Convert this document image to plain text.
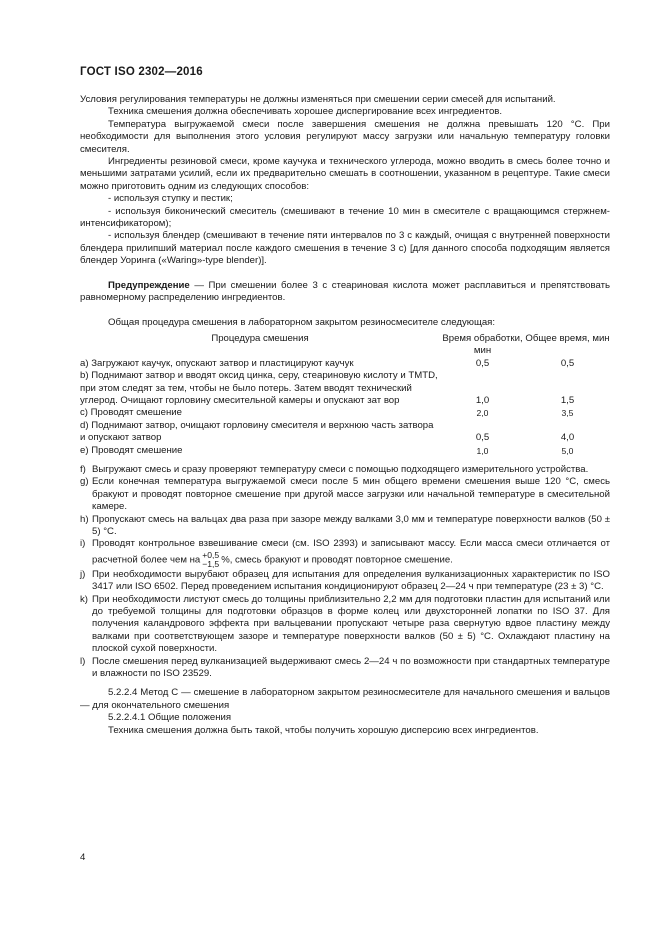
ГОСТ ISO 2302—2016

Условия регулирования температуры не должны изменяться при смешении серии смесей для испытаний.

Техника смешения должна обеспечивать хорошее диспергирование всех ингредиентов.

Температура выгружаемой смеси после завершения смешения не должна превышать 120 °С. При необходимости для выполнения этого условия регулируют массу загрузки или начальную температуру головки смесителя.

Ингредиенты резиновой смеси, кроме каучука и технического углерода, можно вводить в смесь более точно и меньшими затратами усилий, если их предварительно смешать в соотношении, указанном в рецептуре. Такие смеси можно приготовить одним из следующих способов:

- используя ступку и пестик;

- используя биконический смеситель (смешивают в течение 10 мин в смесителе с вращающимся стержнем-интенсификатором);

- используя блендер (смешивают в течение пяти интервалов по 3 с каждый, очищая с внутренней поверхности блендера прилипший материал после каждого смешения в течение 3 с) [для данного способа подходящим является блендер Уоринга («Waring»-type blender)].

Предупреждение — При смешении более 3 с стеариновая кислота может расплавиться и препятствовать равномерному распределению ингредиентов.

Общая процедура смешения в лабораторном закрытом резиносмесителе следующая:

Процедура смешения	Время обработки, мин	Общее время, мин
a) Загружают каучук, опускают затвор и пластицируют каучук	0,5	0,5
b) Поднимают затвор и вводят оксид цинка, серу, стеариновую кислоту и TMTD, при этом следят за тем, чтобы не было потерь. Затем вводят технический углерод. Очищают горловину смесительной камеры и опускают зат вор	1,0	1,5
c) Проводят смешение	2,0	3,5
d) Поднимают затвор, очищают горловину смесителя и верхнюю часть затвора и опускают затвор	0,5	4,0
e) Проводят смешение	1,0	5,0
f) Выгружают смесь и сразу проверяют температуру смеси с помощью подходящего измерительного устройства.
g) Если конечная температура выгружаемой смеси после 5 мин общего времени смешения выше 120 °С, смесь бракуют и проводят повторное смешение при другой массе загрузки или начальной температуре в смесительной камере.
h) Пропускают смесь на вальцах два раза при зазоре между валками 3,0 мм и температуре поверхности валков (50 ± 5) °С.
i) Проводят контрольное взвешивание смеси (см. ISO 2393) и записывают массу. Если масса смеси отличается от расчетной более чем на +0,5
−1,5 %, смесь бракуют и проводят повторное смешение.
j) При необходимости вырубают образец для испытания для определения вулканизационных характеристик по ISO 3417 или ISO 6502. Перед проведением испытания кондиционируют образец 2—24 ч при температуре (23 ± 3) °С.
k) При необходимости листуют смесь до толщины приблизительно 2,2 мм для подготовки пластин для испытаний или до требуемой толщины для подготовки образцов в форме колец или двухсторонней лопатки по ISO 37. Для получения каландрового эффекта при вальцевании пропускают четыре раза свернутую вдвое пластину между валками при соответствующем зазоре и температуре поверхности валков (50 ± 5) °С. Охлаждают пластину на плоской сухой поверхности.
l) После смешения перед вулканизацией выдерживают смесь 2—24 ч по возможности при стандартных температуре и влажности по ISO 23529.

5.2.2.4 Метод С — смешение в лабораторном закрытом резиносмесителе для начального смешения и вальцов — для окончательного смешения

5.2.2.4.1 Общие положения

Техника смешения должна быть такой, чтобы получить хорошую дисперсию всех ингредиентов.

4
